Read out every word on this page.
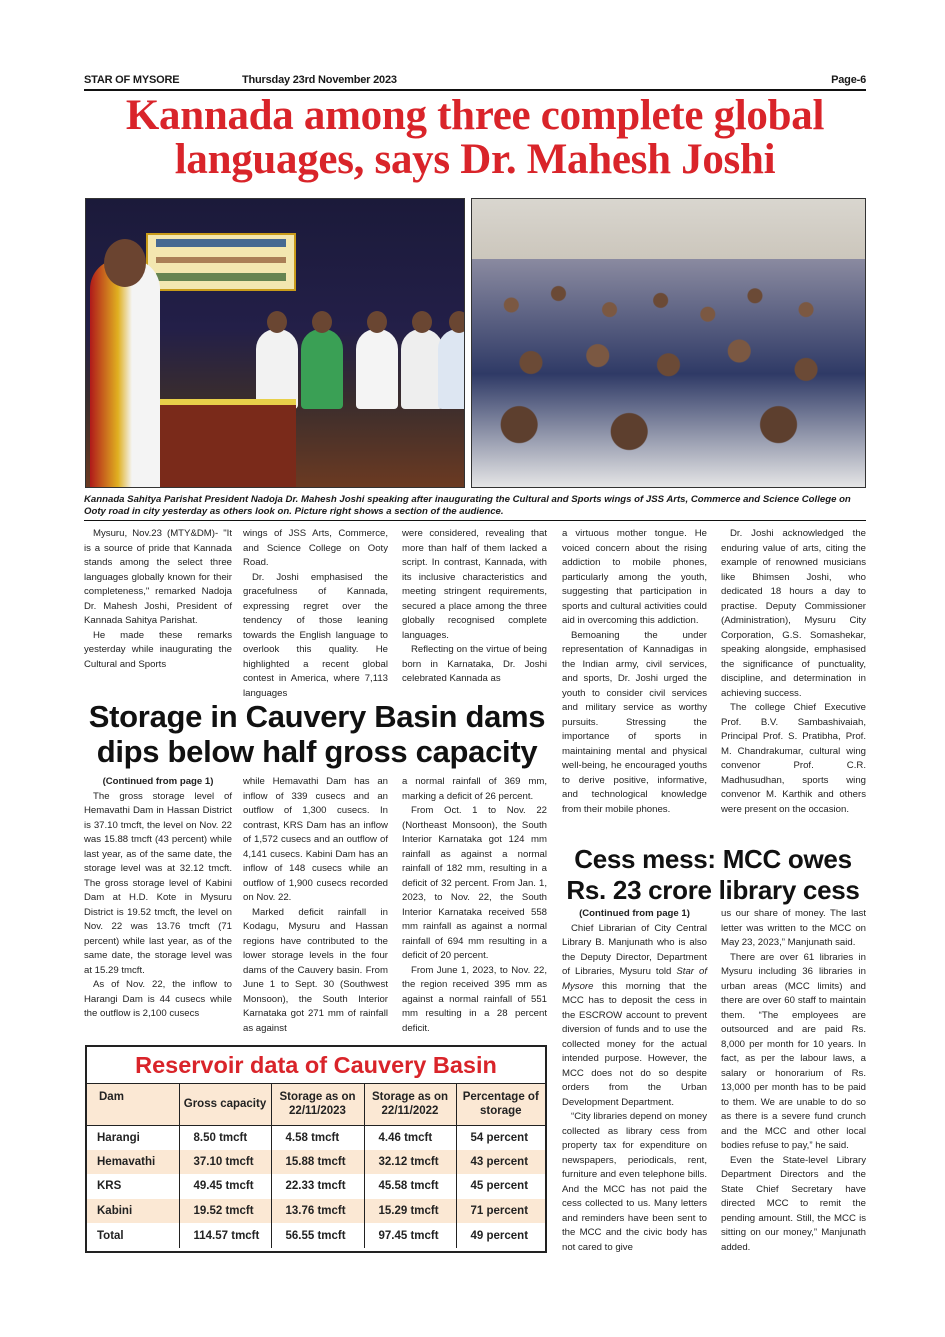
STAR OF MYSORE	Thursday 23rd November 2023	Page-6
Kannada among three complete global
languages, says Dr. Mahesh Joshi
Kannada Sahitya Parishat President Nadoja Dr. Mahesh Joshi speaking after inaugurating the Cultural and Sports wings of JSS Arts, Commerce and Science College on Ooty road in city yesterday as others look on. Picture right shows a section of the audience.

Mysuru, Nov.23 (MTY&DM)- "It is a source of pride that Kannada stands among the select three languages globally known for their completeness," remarked Nadoja Dr. Mahesh Joshi, President of Kannada Sahitya Parishat.

He made these remarks yesterday while inaugurating the Cultural and Sports

wings of JSS Arts, Commerce, and Science College on Ooty Road.

Dr. Joshi emphasised the gracefulness of Kannada, expressing regret over the tendency of those leaning towards the English language to overlook this quality. He highlighted a recent global contest in America, where 7,113 languages

were considered, revealing that more than half of them lacked a script. In contrast, Kannada, with its inclusive characteristics and meeting stringent requirements, secured a place among the three globally recognised complete languages.

Reflecting on the virtue of being born in Karnataka, Dr. Joshi celebrated Kannada as

a virtuous mother tongue. He voiced concern about the rising addiction to mobile phones, particularly among the youth, suggesting that participation in sports and cultural activities could aid in overcoming this addiction.

Bemoaning the under representation of Kannadigas in the Indian army, civil services, and sports, Dr. Joshi urged the youth to consider civil services and military service as worthy pursuits. Stressing the importance of sports in maintaining mental and physical well-being, he encouraged youths to derive positive, informative, and technological knowledge from their mobile phones.

Dr. Joshi acknowledged the enduring value of arts, citing the example of renowned musicians like Bhimsen Joshi, who dedicated 18 hours a day to practise. Deputy Commissioner (Administration), Mysuru City Corporation, G.S. Somashekar, speaking alongside, emphasised the significance of punctuality, discipline, and determination in achieving success.

The college Chief Executive Prof. B.V. Sambashivaiah, Principal Prof. S. Pratibha, Prof. M. Chandrakumar, cultural wing convenor Prof. C.R. Madhusudhan, sports wing convenor M. Karthik and others were present on the occasion.

Storage in Cauvery Basin dams
dips below half gross capacity

(Continued from page 1)

The gross storage level of Hemavathi Dam in Hassan District is 37.10 tmcft, the level on Nov. 22 was 15.88 tmcft (43 percent) while last year, as of the same date, the storage level was at 32.12 tmcft. The gross storage level of Kabini Dam at H.D. Kote in Mysuru District is 19.52 tmcft, the level on Nov. 22 was 13.76 tmcft (71 percent) while last year, as of the same date, the storage level was at 15.29 tmcft.

As of Nov. 22, the inflow to Harangi Dam is 44 cusecs while the outflow is 2,100 cusecs

while Hemavathi Dam has an inflow of 339 cusecs and an outflow of 1,300 cusecs. In contrast, KRS Dam has an inflow of 1,572 cusecs and an outflow of 4,141 cusecs. Kabini Dam has an inflow of 148 cusecs while an outflow of 1,900 cusecs recorded on Nov. 22.

Marked deficit rainfall in Kodagu, Mysuru and Hassan regions have contributed to the lower storage levels in the four dams of the Cauvery basin. From June 1 to Sept. 30 (Southwest Monsoon), the South Interior Karnataka got 271 mm of rainfall as against

a normal rainfall of 369 mm, marking a deficit of 26 percent.

From Oct. 1 to Nov. 22 (Northeast Monsoon), the South Interior Karnataka got 124 mm rainfall as against a normal rainfall of 182 mm, resulting in a deficit of 32 percent. From Jan. 1, 2023, to Nov. 22, the South Interior Karnataka received 558 mm rainfall as against a normal rainfall of 694 mm resulting in a deficit of 20 percent.

From June 1, 2023, to Nov. 22, the region received 395 mm as against a normal rainfall of 551 mm resulting in a 28 percent deficit.

Reservoir data of Cauvery Basin
Dam	Gross capacity	Storage as on 22/11/2023	Storage as on 22/11/2022	Percentage of storage
Harangi	8.50 tmcft	4.58 tmcft	4.46 tmcft	54 percent
Hemavathi	37.10 tmcft	15.88 tmcft	32.12 tmcft	43 percent
KRS	49.45 tmcft	22.33 tmcft	45.58 tmcft	45 percent
Kabini	19.52 tmcft	13.76 tmcft	15.29 tmcft	71 percent
Total	114.57 tmcft	56.55 tmcft	97.45 tmcft	49 percent
Cess mess: MCC owes
Rs. 23 crore library cess

(Continued from page 1)

Chief Librarian of City Central Library B. Manjunath who is also the Deputy Director, Department of Libraries, Mysuru told Star of Mysore this morning that the MCC has to deposit the cess in the ESCROW account to prevent diversion of funds and to use the collected money for the actual intended purpose. However, the MCC does not do so despite orders from the Urban Development Department.

“City libraries depend on money collected as library cess from property tax for expenditure on newspapers, periodicals, rent, furniture and even telephone bills. And the MCC has not paid the cess collected to us. Many letters and reminders have been sent to the MCC and the civic body has not cared to give

us our share of money. The last letter was written to the MCC on May 23, 2023,” Manjunath said.

There are over 61 libraries in Mysuru including 36 libraries in urban areas (MCC limits) and there are over 60 staff to maintain them. “The employees are outsourced and are paid Rs. 8,000 per month for 10 years. In fact, as per the labour laws, a salary or honorarium of Rs. 13,000 per month has to be paid to them. We are unable to do so as there is a severe fund crunch and the MCC and other local bodies refuse to pay,” he said.

Even the State-level Library Department Directors and the State Chief Secretary have directed MCC to remit the pending amount. Still, the MCC is sitting on our money,” Manjunath added.
